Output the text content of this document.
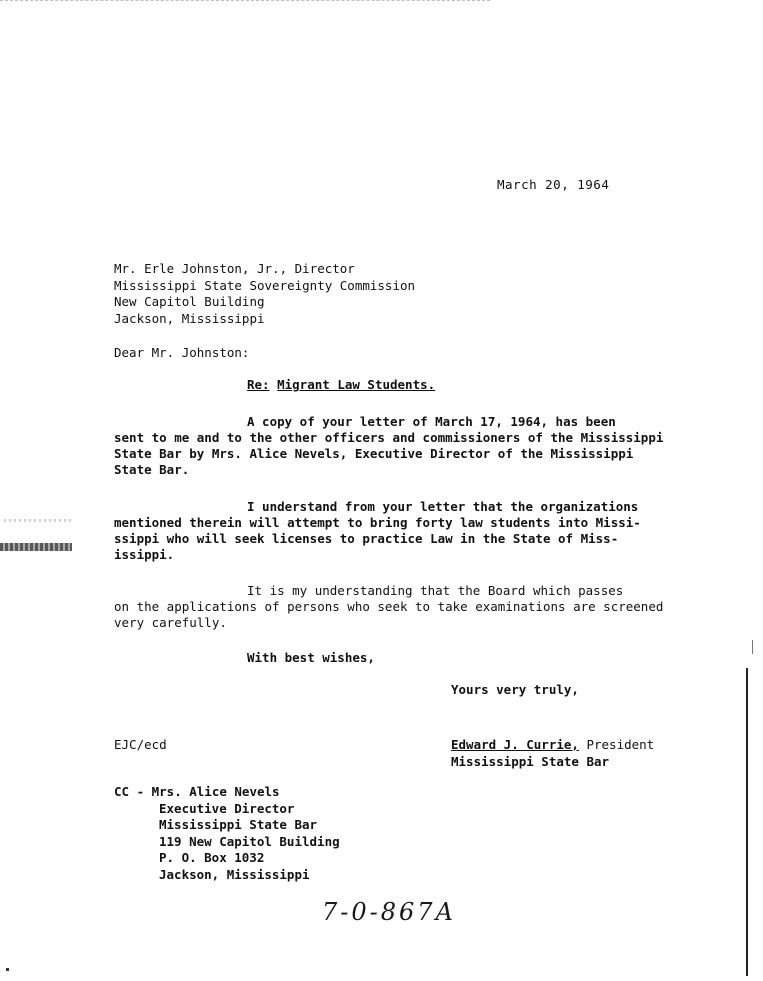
March 20, 1964

Mr. Erle Johnston, Jr., Director
Mississippi State Sovereignty Commission
New Capitol Building
Jackson, Mississippi

Dear Mr. Johnston:

Re: Migrant Law Students.

A copy of your letter of March 17, 1964, has been
sent to me and to the other officers and commissioners of the Mississippi
State Bar by Mrs. Alice Nevels, Executive Director of the Mississippi
State Bar.
I understand from your letter that the organizations
mentioned therein will attempt to bring forty law students into Missi-
ssippi who will seek licenses to practice Law in the State of Miss-
issippi.
It is my understanding that the Board which passes
on the applications of persons who seek to take examinations are screened
very carefully.

With best wishes,

Yours very truly,

EJC/ecd	Edward J. Currie, President
Mississippi State Bar
CC - Mrs. Alice Nevels
Executive Director
Mississippi State Bar
119 New Capitol Building
P. O. Box 1032
Jackson, Mississippi

7-0-867A
